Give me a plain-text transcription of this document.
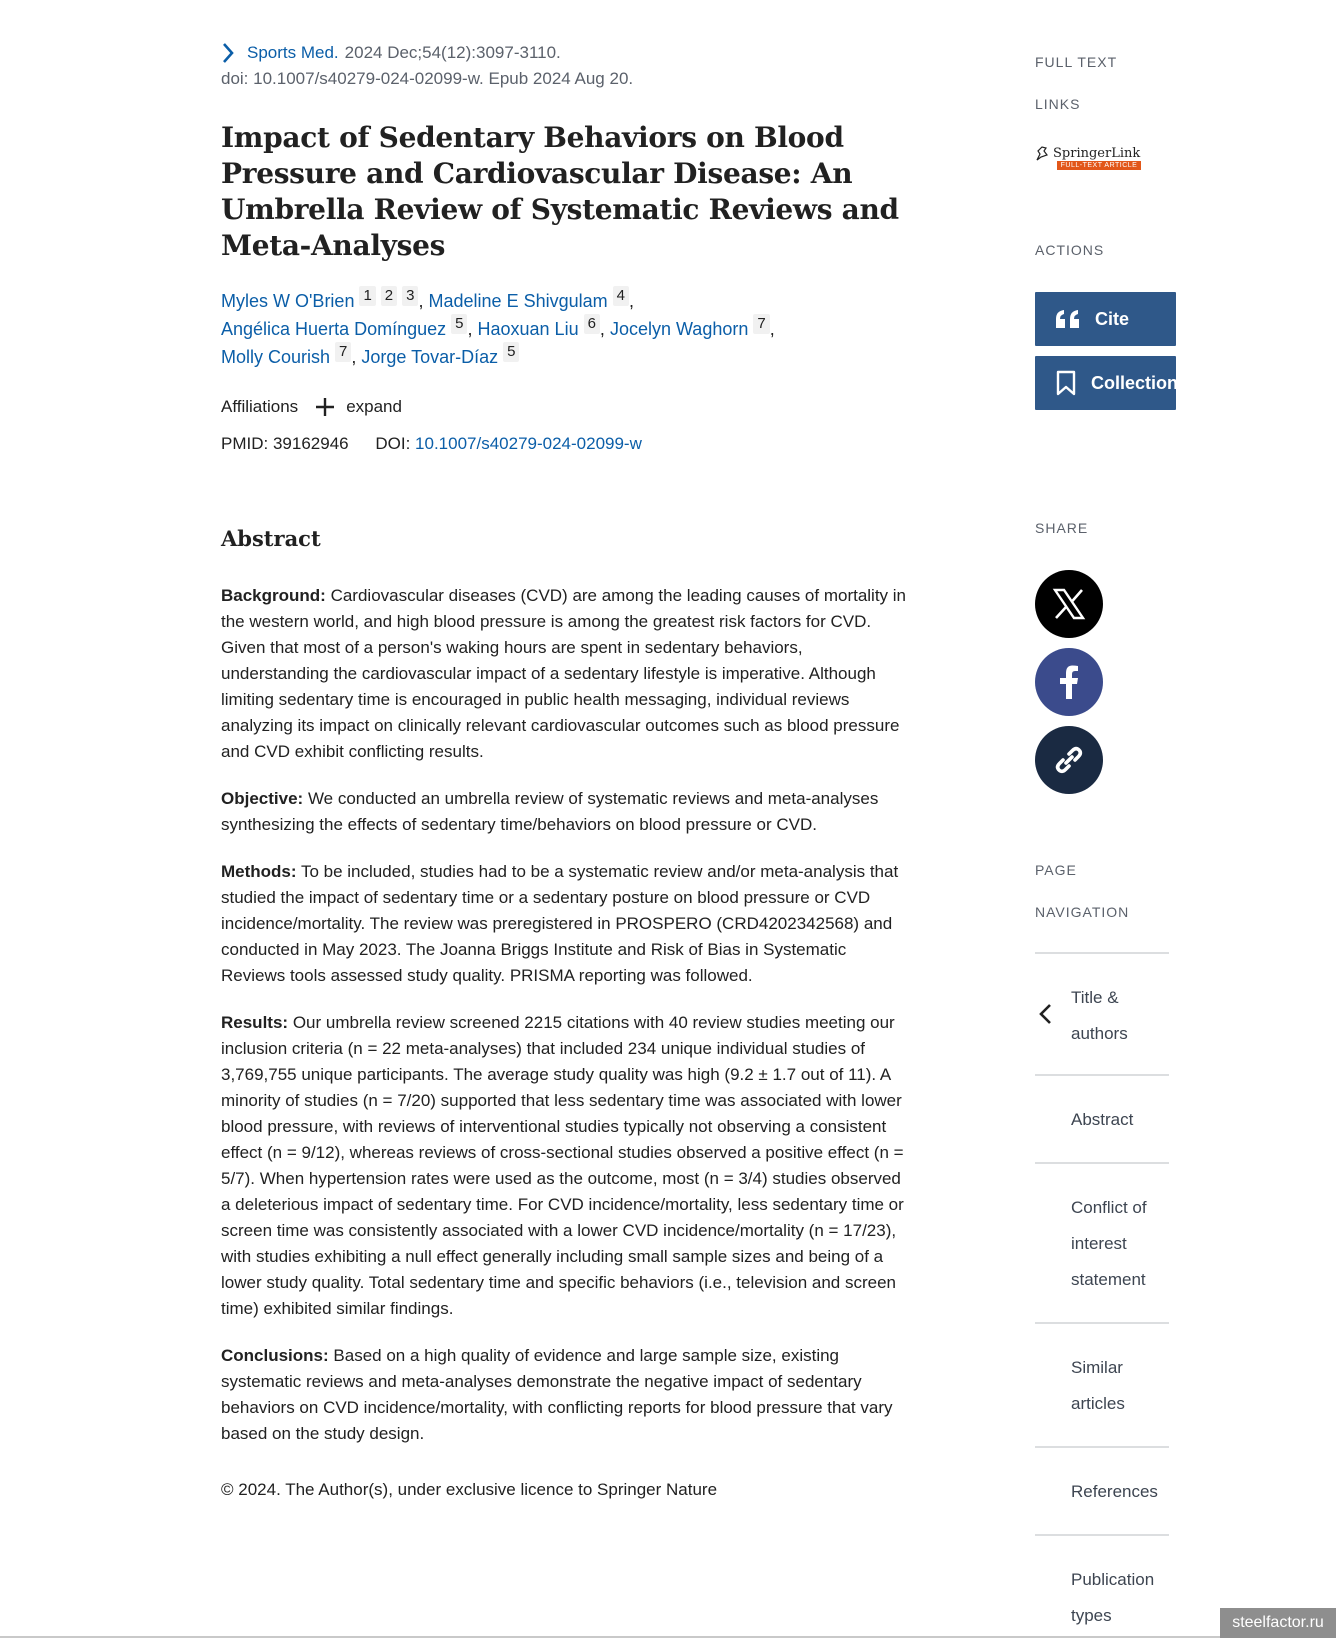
Sports Med. 2024 Dec;54(12):3097-3110.
doi: 10.1007/s40279-024-02099-w. Epub 2024 Aug 20.
Impact of Sedentary Behaviors on Blood Pressure and Cardiovascular Disease: An Umbrella Review of Systematic Reviews and Meta-Analyses
Myles W O'Brien 1 2 3 , Madeline E Shivgulam 4 ,
Angélica Huerta Domínguez 5 , Haoxuan Liu 6 , Jocelyn Waghorn 7 ,
Molly Courish 7 , Jorge Tovar-Díaz 5
Affiliations	expand
PMID: 39162946 DOI: 10.1007/s40279-024-02099-w
Abstract

Background: Cardiovascular diseases (CVD) are among the leading causes of mortality in the western world, and high blood pressure is among the greatest risk factors for CVD. Given that most of a person's waking hours are spent in sedentary behaviors, understanding the cardiovascular impact of a sedentary lifestyle is imperative. Although limiting sedentary time is encouraged in public health messaging, individual reviews analyzing its impact on clinically relevant cardiovascular outcomes such as blood pressure and CVD exhibit conflicting results.

Objective: We conducted an umbrella review of systematic reviews and meta-analyses synthesizing the effects of sedentary time/behaviors on blood pressure or CVD.

Methods: To be included, studies had to be a systematic review and/or meta-analysis that studied the impact of sedentary time or a sedentary posture on blood pressure or CVD incidence/mortality. The review was preregistered in PROSPERO (CRD4202342568) and conducted in May 2023. The Joanna Briggs Institute and Risk of Bias in Systematic Reviews tools assessed study quality. PRISMA reporting was followed.

Results: Our umbrella review screened 2215 citations with 40 review studies meeting our inclusion criteria (n = 22 meta-analyses) that included 234 unique individual studies of 3,769,755 unique participants. The average study quality was high (9.2 ± 1.7 out of 11). A minority of studies (n = 7/20) supported that less sedentary time was associated with lower blood pressure, with reviews of interventional studies typically not observing a consistent effect (n = 9/12), whereas reviews of cross-sectional studies observed a positive effect (n = 5/7). When hypertension rates were used as the outcome, most (n = 3/4) studies observed a deleterious impact of sedentary time. For CVD incidence/mortality, less sedentary time or screen time was consistently associated with a lower CVD incidence/mortality (n = 17/23), with studies exhibiting a null effect generally including small sample sizes and being of a lower study quality. Total sedentary time and specific behaviors (i.e., television and screen time) exhibited similar findings.

Conclusions: Based on a high quality of evidence and large sample size, existing systematic reviews and meta-analyses demonstrate the negative impact of sedentary behaviors on CVD incidence/mortality, with conflicting reports for blood pressure that vary based on the study design.

© 2024. The Author(s), under exclusive licence to Springer Nature
FULL TEXT
LINKS
SpringerLink
FULL-TEXT ARTICLE
ACTIONS
Cite
Collections
SHARE
PAGE
NAVIGATION
Title &
authors
Abstract
Conflict of
interest
statement
Similar
articles
References
Publication
types	steelfactor.ru
